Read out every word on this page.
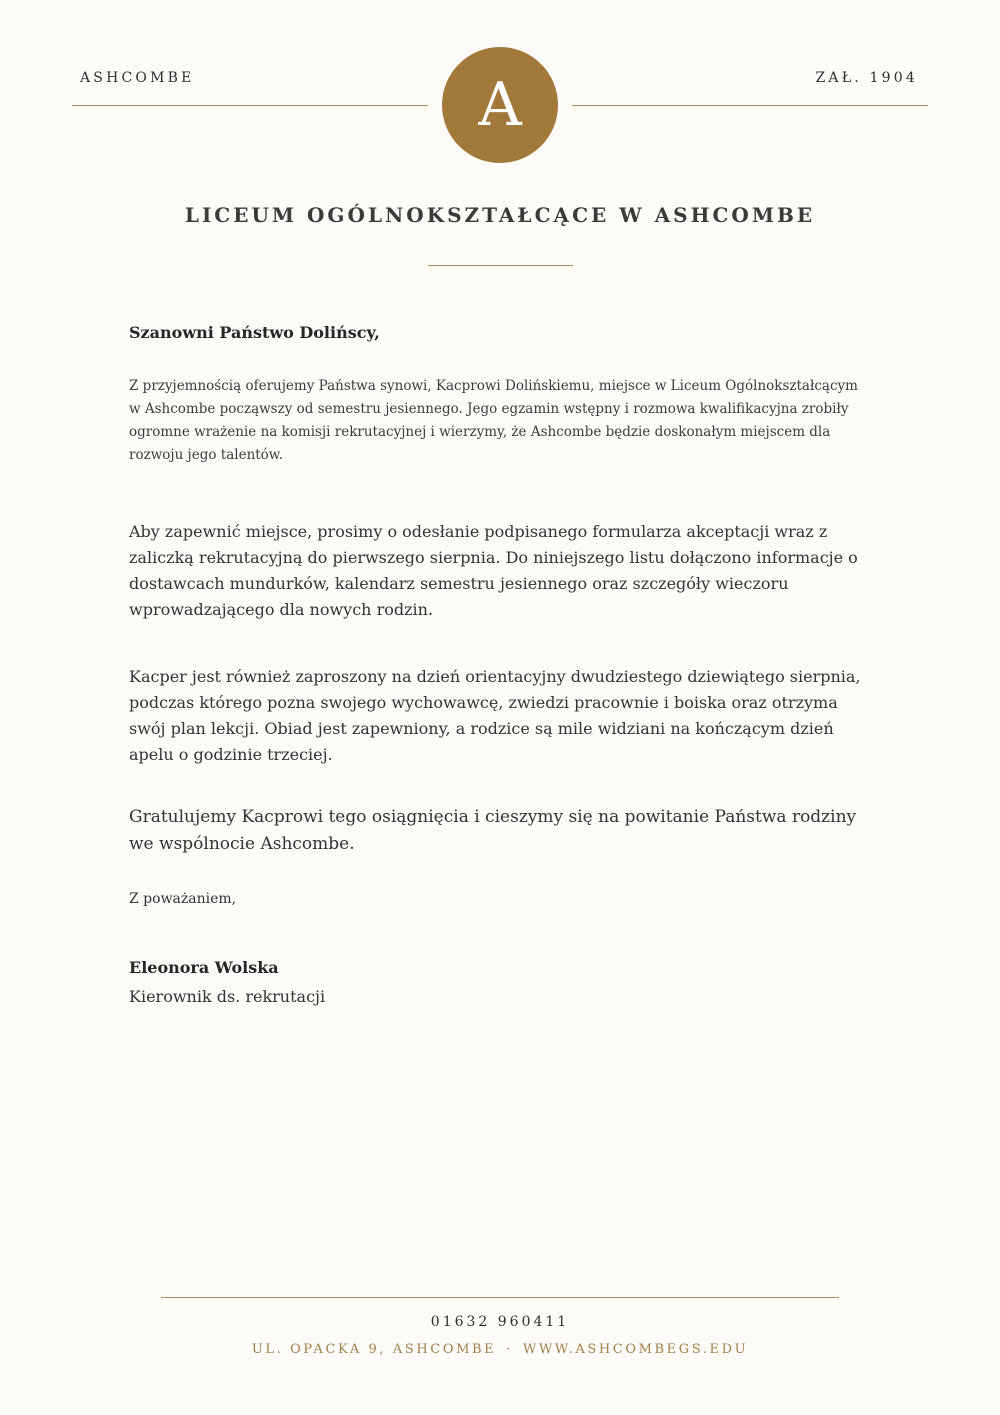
ASHCOMBE	A	ZAŁ. 1904
LICEUM OGÓLNOKSZTAŁCĄCE W ASHCOMBE

Szanowni Państwo Dolińscy,

Z przyjemnością oferujemy Państwa synowi, Kacprowi Dolińskiemu, miejsce w Liceum Ogólnokształcącym w Ashcombe począwszy od semestru jesiennego. Jego egzamin wstępny i rozmowa kwalifikacyjna zrobiły ogromne wrażenie na komisji rekrutacyjnej i wierzymy, że Ashcombe będzie doskonałym miejscem dla rozwoju jego talentów.

Aby zapewnić miejsce, prosimy o odesłanie podpisanego formularza akceptacji wraz z zaliczką rekrutacyjną do pierwszego sierpnia. Do niniejszego listu dołączono informacje o dostawcach mundurków, kalendarz semestru jesiennego oraz szczegóły wieczoru wprowadzającego dla nowych rodzin.

Kacper jest również zaproszony na dzień orientacyjny dwudziestego dziewiątego sierpnia, podczas którego pozna swojego wychowawcę, zwiedzi pracownie i boiska oraz otrzyma swój plan lekcji. Obiad jest zapewniony, a rodzice są mile widziani na kończącym dzień apelu o godzinie trzeciej.

Gratulujemy Kacprowi tego osiągnięcia i cieszymy się na powitanie Państwa rodziny we wspólnocie Ashcombe.

Z poważaniem,

Eleonora Wolska

Kierownik ds. rekrutacji

01632 960411
UL. OPACKA 9, ASHCOMBE · WWW.ASHCOMBEGS.EDU
